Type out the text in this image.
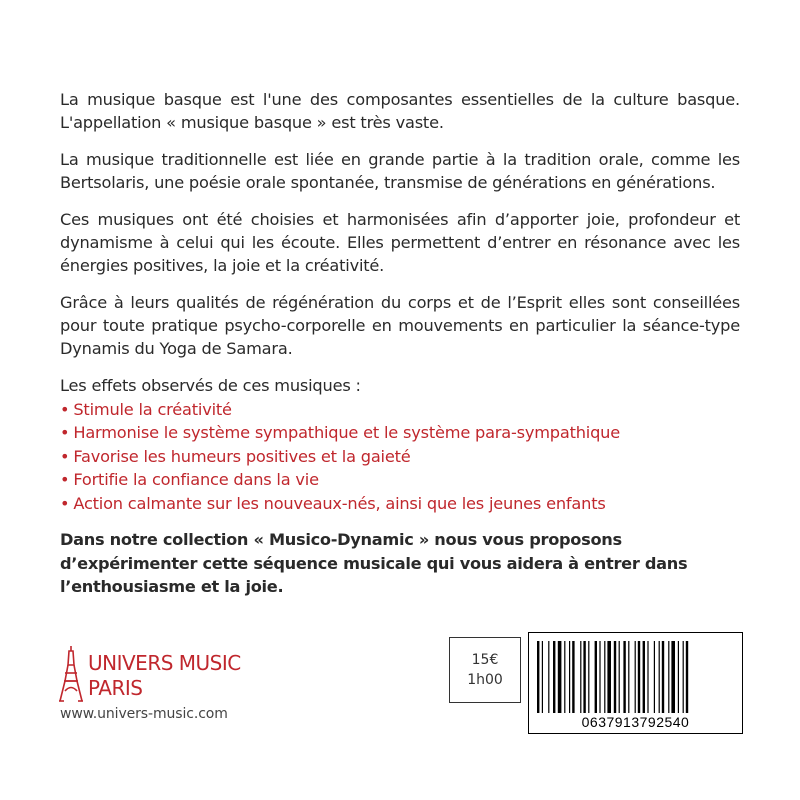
La musique basque est l'une des composantes essentielles de la culture basque. L'appellation « musique basque » est très vaste.

La musique traditionnelle est liée en grande partie à la tradition orale, comme les Bertsolaris, une poésie orale spontanée, transmise de générations en générations.

Ces musiques ont été choisies et harmonisées afin d’apporter joie, profondeur et dynamisme à celui qui les écoute. Elles permettent d’entrer en résonance avec les énergies positives, la joie et la créativité.

Grâce à leurs qualités de régénération du corps et de l’Esprit elles sont conseillées pour toute pratique psycho-corporelle en mouvements en particulier la séance-type Dynamis du Yoga de Samara.

Les effets observés de ces musiques :
• Stimule la créativité
• Harmonise le système sympathique et le système para-sympathique
• Favorise les humeurs positives et la gaieté
• Fortifie la confiance dans la vie
• Action calmante sur les nouveaux-nés, ainsi que les jeunes enfants

Dans notre collection « Musico-Dynamic » nous vous proposons d’expérimenter cette séquence musicale qui vous aidera à entrer dans l’enthousiasme et la joie.

UNIVERS MUSIC
PARIS
www.univers-music.com
15€
1h00
0637913792540
